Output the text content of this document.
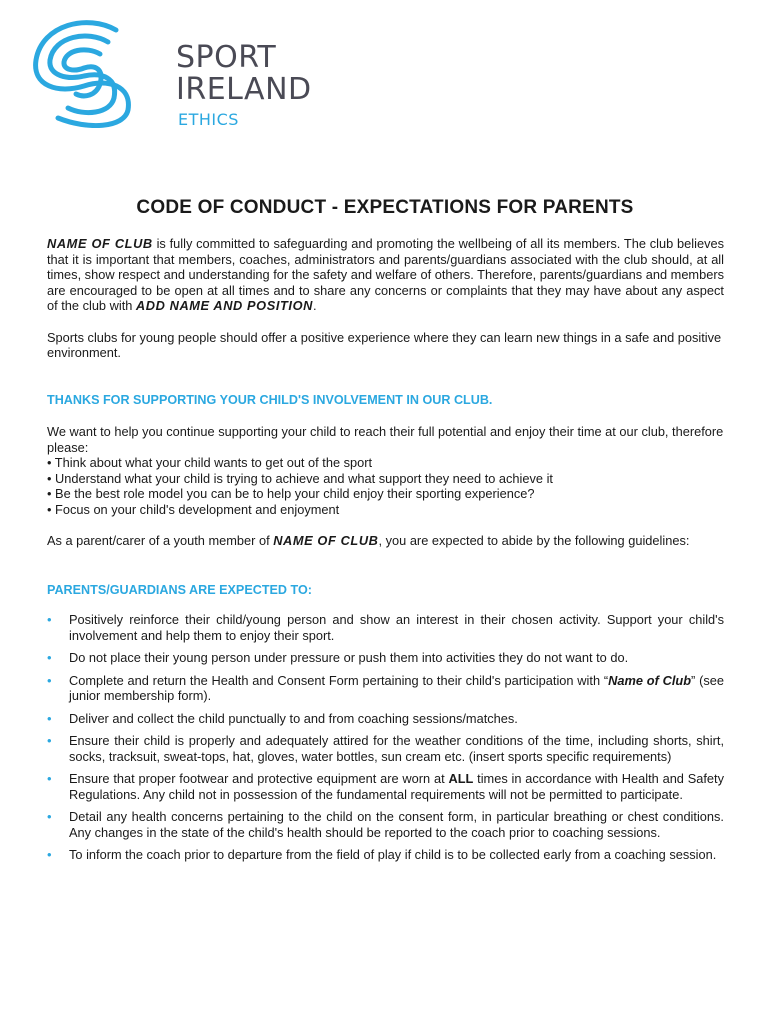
SPORT
IRELAND
ETHICS
CODE OF CONDUCT - EXPECTATIONS FOR PARENTS

NAME OF CLUB is fully committed to safeguarding and promoting the wellbeing of all its members. The club believes that it is important that members, coaches, administrators and parents/guardians associated with the club should, at all times, show respect and understanding for the safety and welfare of others. Therefore, parents/guardians and members are encouraged to be open at all times and to share any concerns or complaints that they may have about any aspect of the club with ADD NAME AND POSITION.

Sports clubs for young people should offer a positive experience where they can learn new things in a safe and positive environment.

THANKS FOR SUPPORTING YOUR CHILD'S INVOLVEMENT IN OUR CLUB.

We want to help you continue supporting your child to reach their full potential and enjoy their time at our club, therefore please:

• Think about what your child wants to get out of the sport

• Understand what your child is trying to achieve and what support they need to achieve it

• Be the best role model you can be to help your child enjoy their sporting experience?

• Focus on your child's development and enjoyment

As a parent/carer of a youth member of NAME OF CLUB, you are expected to abide by the following guidelines:

PARENTS/GUARDIANS ARE EXPECTED TO:

• Positively reinforce their child/young person and show an interest in their chosen activity. Support your child's involvement and help them to enjoy their sport.
• Do not place their young person under pressure or push them into activities they do not want to do.
• Complete and return the Health and Consent Form pertaining to their child's participation with “Name of Club” (see junior membership form).
• Deliver and collect the child punctually to and from coaching sessions/matches.
• Ensure their child is properly and adequately attired for the weather conditions of the time, including shorts, shirt, socks, tracksuit, sweat-tops, hat, gloves, water bottles, sun cream etc. (insert sports specific requirements)
• Ensure that proper footwear and protective equipment are worn at ALL times in accordance with Health and Safety Regulations. Any child not in possession of the fundamental requirements will not be permitted to participate.
• Detail any health concerns pertaining to the child on the consent form, in particular breathing or chest conditions. Any changes in the state of the child's health should be reported to the coach prior to coaching sessions.
• To inform the coach prior to departure from the field of play if child is to be collected early from a coaching session.
